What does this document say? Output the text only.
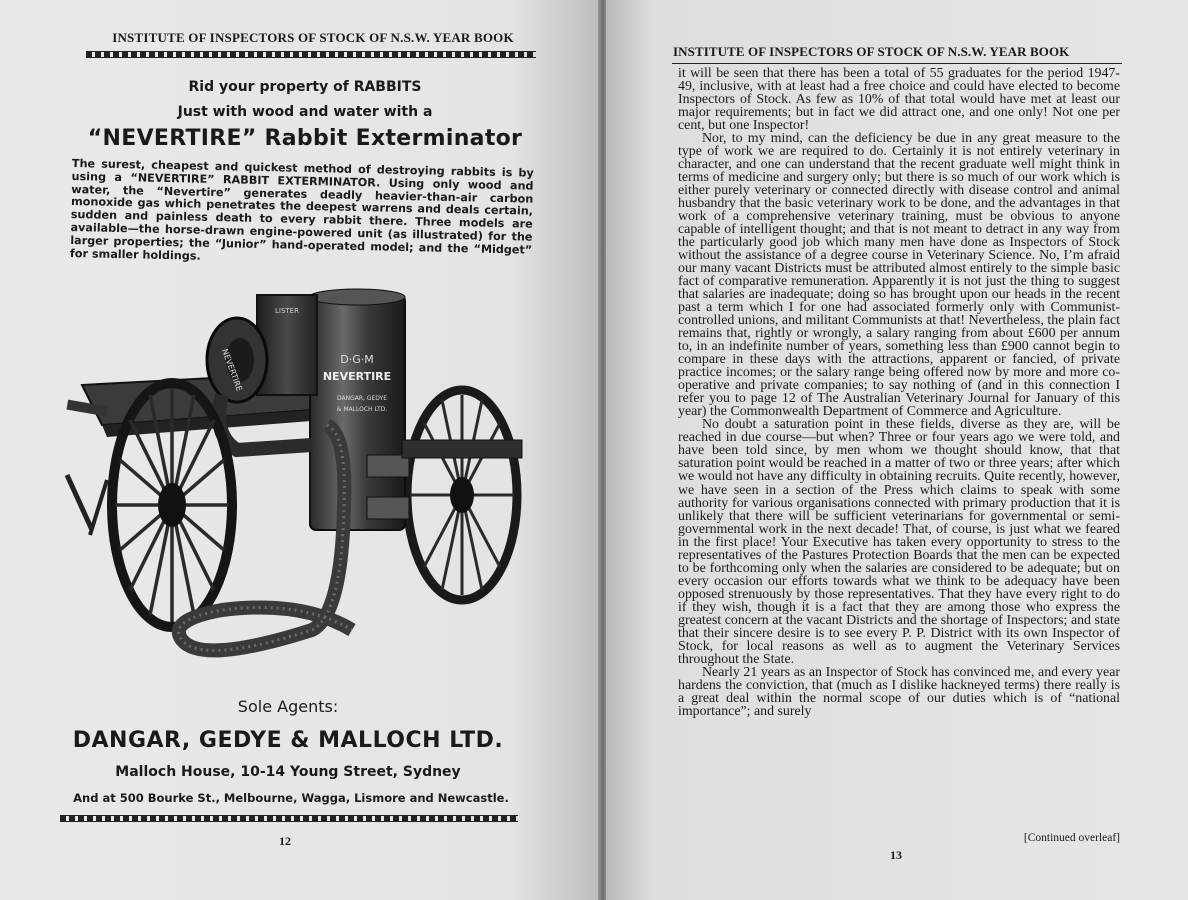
INSTITUTE OF INSPECTORS OF STOCK OF N.S.W. YEAR BOOK
Rid your property of RABBITS
Just with wood and water with a
“NEVERTIRE” Rabbit Exterminator
The surest, cheapest and quickest method of destroying rabbits is by using a “NEVERTIRE” RABBIT EXTERMINATOR. Using only wood and water, the “Nevertire” generates deadly heavier-than-air carbon monoxide gas which penetrates the deepest warrens and deals certain, sudden and painless death to every rabbit there. Three models are available—the horse-drawn engine-powered unit (as illustrated) for the larger properties; the “Junior” hand-operated model; and the “Midget” for smaller holdings.
D·G·M
NEVERTIRE
DANGAR, GEDYE
& MALLOCH LTD.
LISTER
NEVERTIRE
Sole Agents:
DANGAR, GEDYE & MALLOCH LTD.
Malloch House, 10-14 Young Street, Sydney
And at 500 Bourke St., Melbourne, Wagga, Lismore and Newcastle.
12
INSTITUTE OF INSPECTORS OF STOCK OF N.S.W. YEAR BOOK

it will be seen that there has been a total of 55 graduates for the period 1947-49, inclusive, with at least had a free choice and could have elected to become Inspectors of Stock. As few as 10% of that total would have met at least our major requirements; but in fact we did attract one, and one only! Not one per cent, but one Inspector!

Nor, to my mind, can the deficiency be due in any great measure to the type of work we are required to do. Certainly it is not entirely veterinary in character, and one can understand that the recent graduate well might think in terms of medicine and surgery only; but there is so much of our work which is either purely veterinary or connected directly with disease control and animal husbandry that the basic veterinary work to be done, and the advantages in that work of a comprehensive veterinary training, must be obvious to anyone capable of intelligent thought; and that is not meant to detract in any way from the particularly good job which many men have done as Inspectors of Stock without the assistance of a degree course in Veterinary Science. No, I’m afraid our many vacant Districts must be attributed almost entirely to the simple basic fact of comparative remuneration. Apparently it is not just the thing to suggest that salaries are inadequate; doing so has brought upon our heads in the recent past a term which I for one had associated formerly only with Communist-controlled unions, and militant Communists at that! Nevertheless, the plain fact remains that, rightly or wrongly, a salary ranging from about £600 per annum to, in an indefinite number of years, something less than £900 cannot begin to compare in these days with the attractions, apparent or fancied, of private practice incomes; or the salary range being offered now by more and more co-operative and private companies; to say nothing of (and in this connection I refer you to page 12 of The Australian Veterinary Journal for January of this year) the Commonwealth Department of Commerce and Agriculture.

No doubt a saturation point in these fields, diverse as they are, will be reached in due course—but when? Three or four years ago we were told, and have been told since, by men whom we thought should know, that that saturation point would be reached in a matter of two or three years; after which we would not have any difficulty in obtaining recruits. Quite recently, however, we have seen in a section of the Press which claims to speak with some authority for various organisations connected with primary production that it is unlikely that there will be sufficient veterinarians for governmental or semi-governmental work in the next decade! That, of course, is just what we feared in the first place! Your Executive has taken every opportunity to stress to the representatives of the Pastures Protection Boards that the men can be expected to be forthcoming only when the salaries are considered to be adequate; but on every occasion our efforts towards what we think to be adequacy have been opposed strenuously by those representatives. That they have every right to do if they wish, though it is a fact that they are among those who express the greatest concern at the vacant Districts and the shortage of Inspectors; and state that their sincere desire is to see every P. P. District with its own Inspector of Stock, for local reasons as well as to augment the Veterinary Services throughout the State.

Nearly 21 years as an Inspector of Stock has convinced me, and every year hardens the conviction, that (much as I dislike hackneyed terms) there really is a great deal within the normal scope of our duties which is of “national importance”; and surely

[Continued overleaf]
13
